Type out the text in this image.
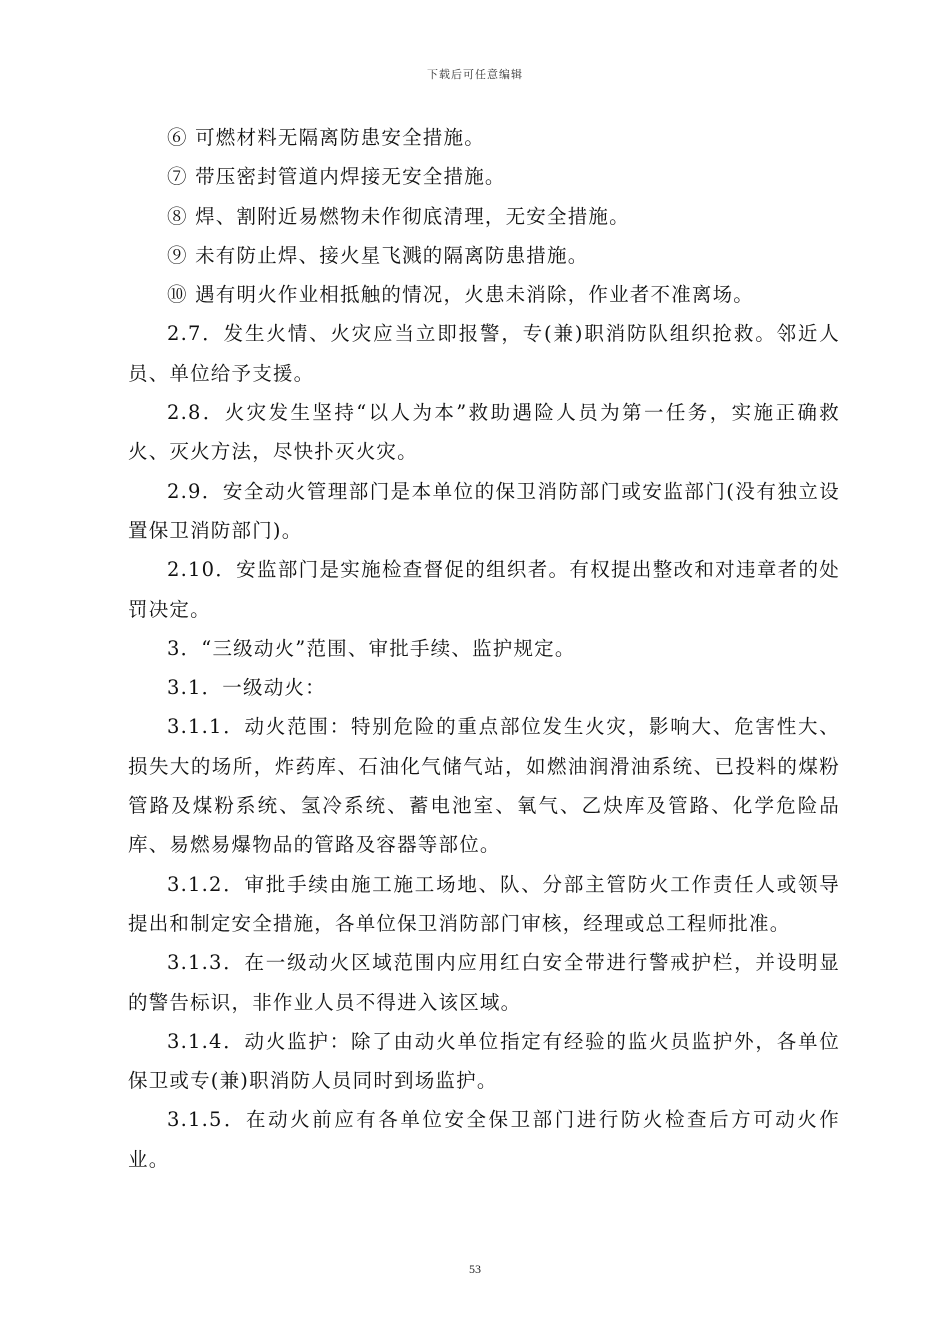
下载后可任意编辑

⑥ 可燃材料无隔离防患安全措施。

⑦ 带压密封管道内焊接无安全措施。

⑧ 焊、割附近易燃物未作彻底清理，无安全措施。

⑨ 未有防止焊、接火星飞溅的隔离防患措施。

⑩ 遇有明火作业相抵触的情况，火患未消除，作业者不准离场。

2.7．发生火情、火灾应当立即报警，专(兼)职消防队组织抢救。邻近人员、单位给予支援。

2.8．火灾发生坚持“以人为本”救助遇险人员为第一任务，实施正确救火、灭火方法，尽快扑灭火灾。

2.9．安全动火管理部门是本单位的保卫消防部门或安监部门(没有独立设置保卫消防部门)。

2.10．安监部门是实施检查督促的组织者。有权提出整改和对违章者的处罚决定。

3．“三级动火”范围、审批手续、监护规定。

3.1．一级动火：

3.1.1．动火范围：特别危险的重点部位发生火灾，影响大、危害性大、损失大的场所，炸药库、石油化气储气站，如燃油润滑油系统、已投料的煤粉管路及煤粉系统、氢冷系统、蓄电池室、氧气、乙炔库及管路、化学危险品库、易燃易爆物品的管路及容器等部位。

3.1.2．审批手续由施工施工场地、队、分部主管防火工作责任人或领导提出和制定安全措施，各单位保卫消防部门审核，经理或总工程师批准。

3.1.3．在一级动火区域范围内应用红白安全带进行警戒护栏，并设明显的警告标识，非作业人员不得进入该区域。

3.1.4．动火监护：除了由动火单位指定有经验的监火员监护外，各单位保卫或专(兼)职消防人员同时到场监护。

3.1.5．在动火前应有各单位安全保卫部门进行防火检查后方可动火作业。

53
